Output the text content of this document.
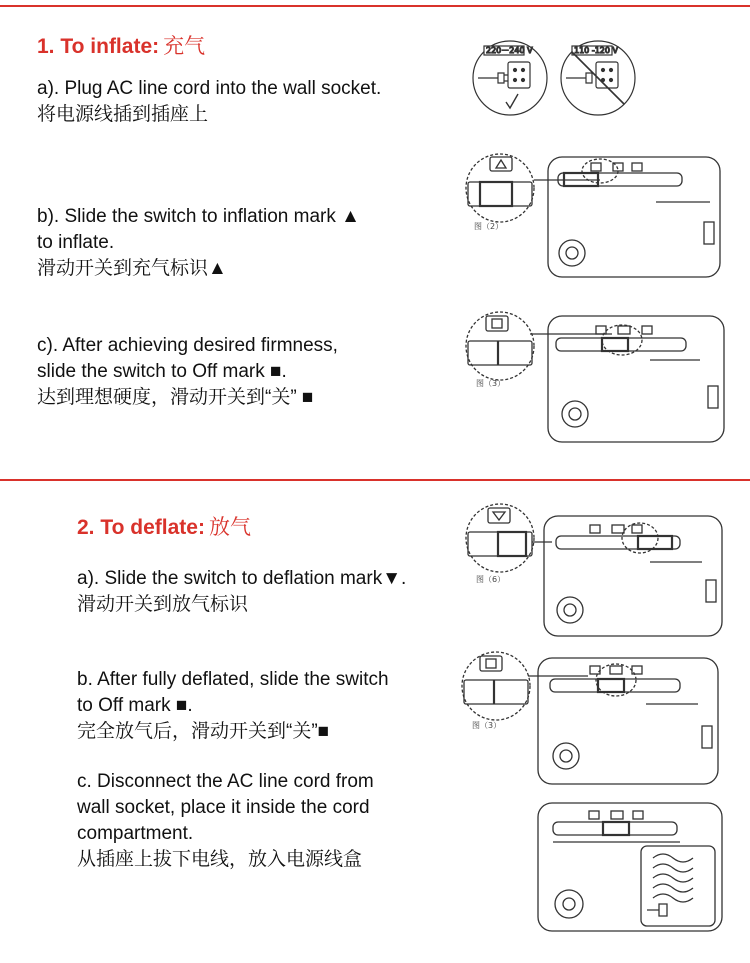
1. To inflate: 充气
a). Plug AC line cord into the wall socket.
将电源线插到插座上
b). Slide the switch to inflation mark ▲
to inflate.
滑动开关到充气标识▲
c). After achieving desired firmness,
slide the switch to Off mark ■.
达到理想硬度，滑动开关到“关” ■
220－240 V	110 -120 V
图（2）
图（3）
2. To deflate: 放气
a). Slide the switch to deflation mark▼.
滑动开关到放气标识
b. After fully deflated, slide the switch
to Off mark ■.
完全放气后，滑动开关到“关”■
c. Disconnect the AC line cord from
wall socket, place it inside the cord
compartment.
从插座上拔下电线，放入电源线盒
图（6）
图（3）
